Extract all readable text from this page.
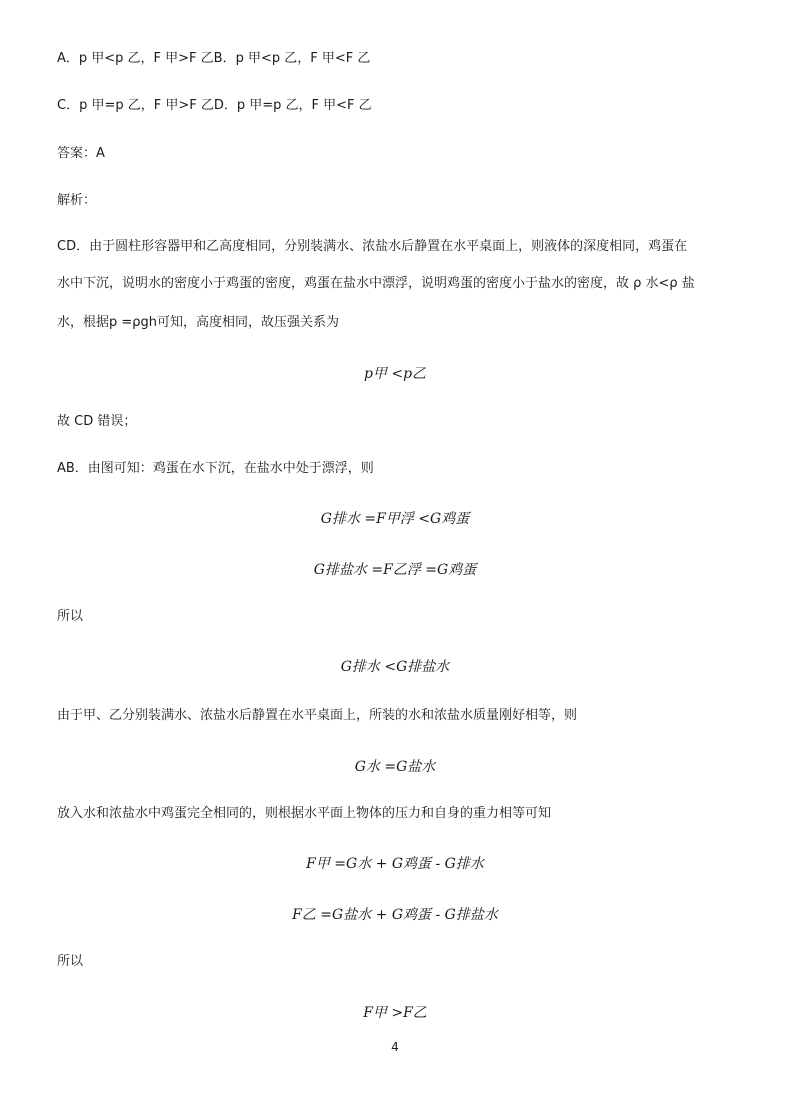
A．p 甲<p 乙，F 甲>F 乙B．p 甲<p 乙，F 甲<F 乙
C．p 甲=p 乙，F 甲>F 乙D．p 甲=p 乙，F 甲<F 乙
答案：A
解析：
CD．由于圆柱形容器甲和乙高度相同，分别装满水、浓盐水后静置在水平桌面上，则液体的深度相同，鸡蛋在
水中下沉，说明水的密度小于鸡蛋的密度，鸡蛋在盐水中漂浮，说明鸡蛋的密度小于盐水的密度，故 ρ 水<ρ 盐
水，根据p =ρgh可知，高度相同，故压强关系为
p甲 <p乙
故 CD 错误；
AB．由图可知：鸡蛋在水下沉，在盐水中处于漂浮，则
G排水 =F甲浮 <G鸡蛋
G排盐水 =F乙浮 =G鸡蛋
所以
G排水 <G排盐水
由于甲、乙分别装满水、浓盐水后静置在水平桌面上，所装的水和浓盐水质量刚好相等，则
G水 =G盐水
放入水和浓盐水中鸡蛋完全相同的，则根据水平面上物体的压力和自身的重力相等可知
F甲 =G水 + G鸡蛋 - G排水
F乙 =G盐水 + G鸡蛋 - G排盐水
所以
F甲 >F乙
4
